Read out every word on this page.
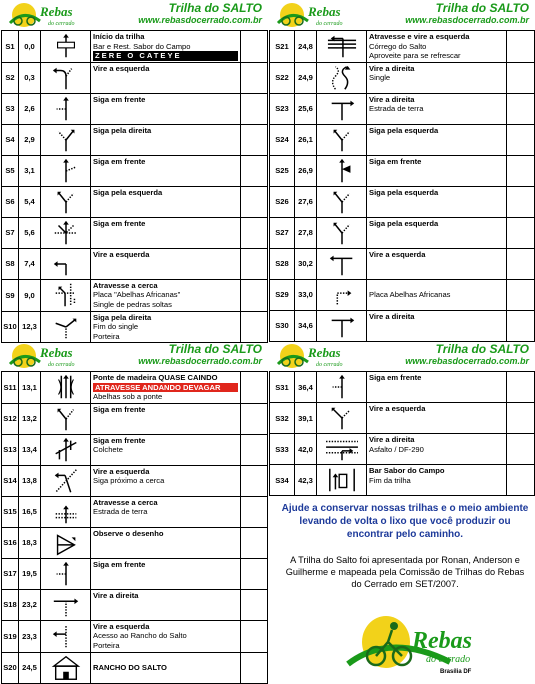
Rebas
do cerrado
Trilha do SALTO
www.rebasdocerrado.com.br
S1	0,0		Início da trilha
Bar e Rest. Sabor do Campo
ZERE O CATEYE	

S2	0,3		Vire a esquerda	

S3	2,6		Siga em frente	

S4	2,9		Siga pela direita	

S5	3,1		Siga em frente	

S6	5,4		Siga pela esquerda	

S7	5,6		Siga em frente	

S8	7,4		Vire a esquerda	

S9	9,0		Atravesse a cerca
Placa "Abelhas Africanas"
Single de pedras soltas	

S10	12,3		Siga pela direita
Fim do single
Porteira	

Rebas
do cerrado
Trilha do SALTO
www.rebasdocerrado.com.br
S21	24,8		Atravesse e vire a esquerda
Córrego do Salto
Aproveite para se refrescar	

S22	24,9		Vire a direita
Single	

S23	25,6		Vire a direita
Estrada de terra	

S24	26,1		Siga pela esquerda	

S25	26,9		Siga em frente	

S26	27,6		Siga pela esquerda	

S27	27,8		Siga pela esquerda	

S28	30,2		Vire a esquerda	

S29	33,0		Placa Abelhas Africanas	

S30	34,6		Vire a direita	

Rebas
do cerrado
Trilha do SALTO
www.rebasdocerrado.com.br
S11	13,1		Ponte de madeira QUASE CAINDO
ATRAVESSE ANDANDO DEVAGAR
Abelhas sob a ponte	

S12	13,2		Siga em frente	

S13	13,4		Siga em frente
Colchete	

S14	13,8		Vire a esquerda
Siga próximo a cerca	

S15	16,5		Atravesse a cerca
Estrada de terra	

S16	18,3		Observe o desenho	

S17	19,5		Siga em frente	

S18	23,2		Vire a direita	

S19	23,3		Vire a esquerda
Acesso ao Rancho do Salto
Porteira	

S20	24,5		RANCHO DO SALTO	

Rebas
do cerrado
Trilha do SALTO
www.rebasdocerrado.com.br
S31	36,4		Siga em frente	

S32	39,1		Vire a esquerda	

S33	42,0		Vire a direita
Asfalto / DF-290	

S34	42,3		Bar Sabor do Campo
Fim da trilha	

Ajude a conservar nossas trilhas e o meio ambiente levando de volta o lixo que você produzir ou encontrar pelo caminho.
A Trilha do Salto foi apresentada por Ronan, Anderson e Guilherme e mapeada pela Comissão de Trilhas do Rebas do Cerrado em SET/2007.
Rebas
do cerrado
Brasília DF
